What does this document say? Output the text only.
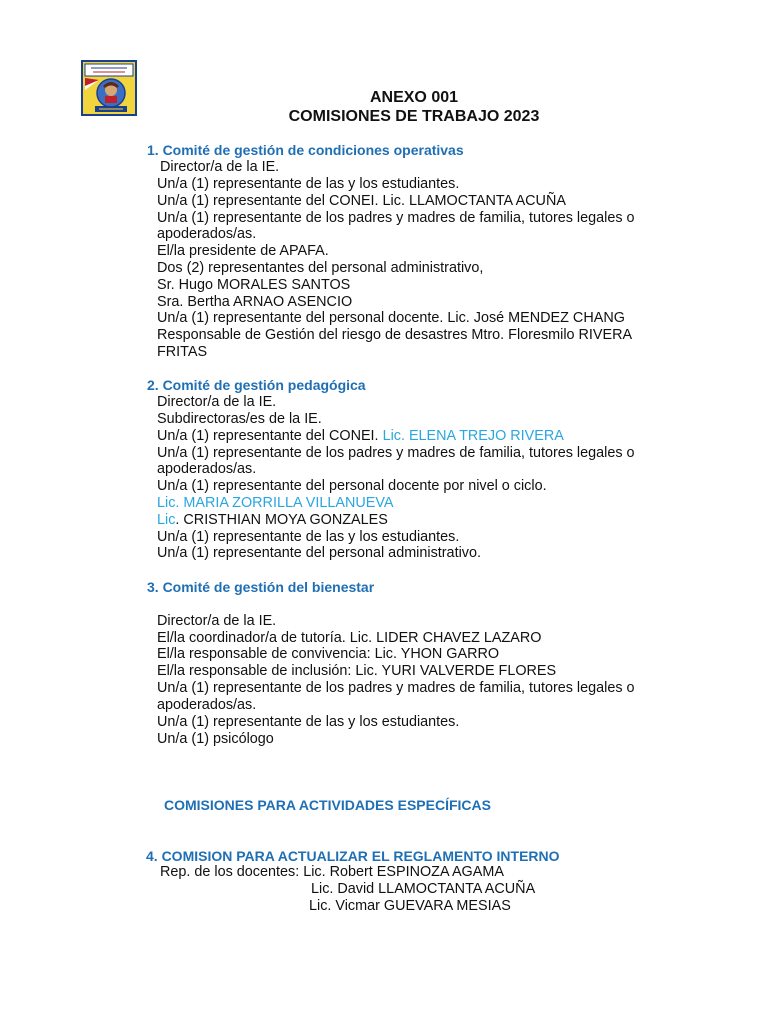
ANEXO 001
COMISIONES DE TRABAJO 2023
1. Comité de gestión de condiciones operativas
Director/a de la IE.
Un/a (1) representante de las y los estudiantes.
Un/a (1) representante del CONEI. Lic. LLAMOCTANTA ACUÑA
Un/a (1) representante de los padres y madres de familia, tutores legales o
apoderados/as.
El/la presidente de APAFA.
Dos (2) representantes del personal administrativo,
Sr. Hugo MORALES SANTOS
Sra. Bertha ARNAO ASENCIO
Un/a (1) representante del personal docente. Lic. José MENDEZ CHANG
Responsable de Gestión del riesgo de desastres Mtro. Floresmilo RIVERA
FRITAS
2. Comité de gestión pedagógica
Director/a de la IE.
Subdirectoras/es de la IE.
Un/a (1) representante del CONEI. Lic. ELENA TREJO RIVERA
Un/a (1) representante de los padres y madres de familia, tutores legales o
apoderados/as.
Un/a (1) representante del personal docente por nivel o ciclo.
Lic. MARIA ZORRILLA VILLANUEVA
Lic. CRISTHIAN MOYA GONZALES
Un/a (1) representante de las y los estudiantes.
Un/a (1) representante del personal administrativo.
3. Comité de gestión del bienestar
Director/a de la IE.
El/la coordinador/a de tutoría. Lic. LIDER CHAVEZ LAZARO
El/la responsable de convivencia: Lic. YHON GARRO
El/la responsable de inclusión: Lic. YURI VALVERDE FLORES
Un/a (1) representante de los padres y madres de familia, tutores legales o
apoderados/as.
Un/a (1) representante de las y los estudiantes.
Un/a (1) psicólogo
COMISIONES PARA ACTIVIDADES ESPECÍFICAS
4. COMISION PARA ACTUALIZAR EL REGLAMENTO INTERNO
Rep. de los docentes: Lic. Robert ESPINOZA AGAMA
Lic. David LLAMOCTANTA ACUÑA
Lic. Vicmar GUEVARA MESIAS
